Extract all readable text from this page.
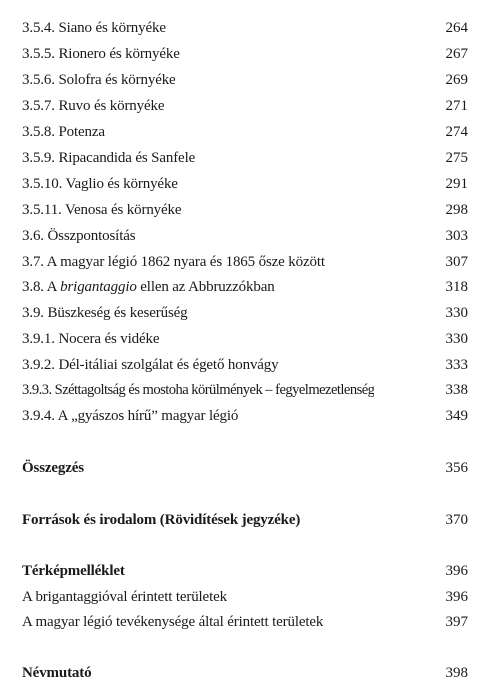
3.5.4. Siano és környéke	264
3.5.5. Rionero és környéke	267
3.5.6. Solofra és környéke	269
3.5.7. Ruvo és környéke	271
3.5.8. Potenza	274
3.5.9. Ripacandida és Sanfele	275
3.5.10. Vaglio és környéke	291
3.5.11. Venosa és környéke	298
3.6. Összpontosítás	303
3.7. A magyar légió 1862 nyara és 1865 ősze között	307
3.8. A brigantaggio ellen az Abbruzzókban	318
3.9. Büszkeség és keserűség	330
3.9.1. Nocera és vidéke	330
3.9.2. Dél-itáliai szolgálat és égető honvágy	333
3.9.3. Széttagoltság és mostoha körülmények – fegyelmezetlenség	338
3.9.4. A „gyászos hírű” magyar légió	349
Összegzés	356
Források és irodalom (Rövidítések jegyzéke)	370
Térképmelléklet	396
A brigantaggióval érintett területek	396
A magyar légió tevékenysége által érintett területek	397
Névmutató	398
